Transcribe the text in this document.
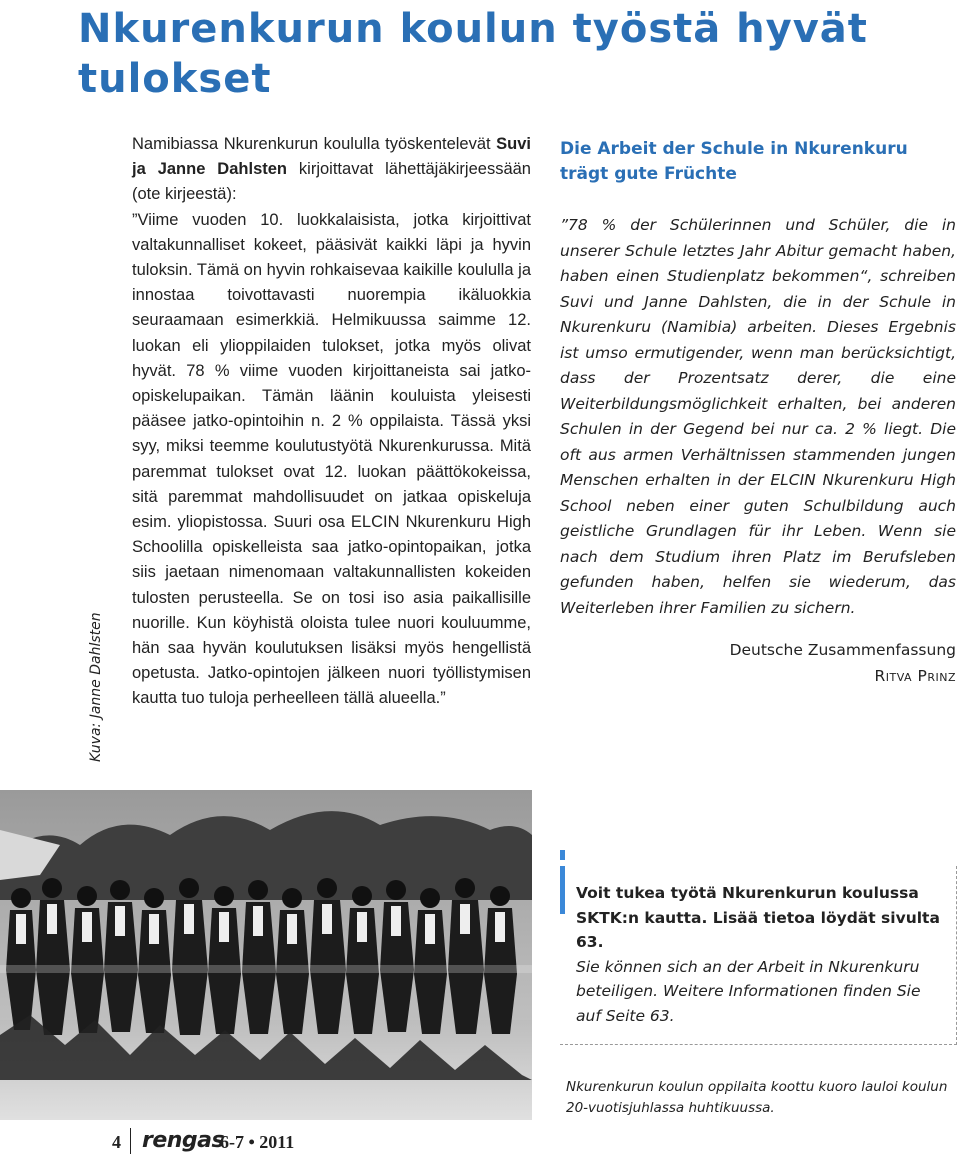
Nkurenkurun koulun työstä hyvät tulokset
Kuva: Janne Dahlsten

Namibiassa Nkurenkurun koululla työskentelevät Suvi ja Janne Dahlsten kirjoittavat lähettäjäkirjeessään (ote kirjeestä):
”Viime vuoden 10. luokkalaisista, jotka kirjoittivat valtakunnalliset kokeet, pääsivät kaikki läpi ja hyvin tuloksin. Tämä on hyvin rohkaisevaa kaikille koululla ja innostaa toivottavasti nuorempia ikäluokkia seuraamaan esimerkkiä. Helmikuussa saimme 12. luokan eli ylioppilaiden tulokset, jotka myös olivat hyvät. 78 % viime vuoden kirjoittaneista sai jatko-opiskelupaikan. Tämän läänin kouluista yleisesti pääsee jatko-opintoihin n. 2 % oppilaista. Tässä yksi syy, miksi teemme koulutustyötä Nkurenkurussa. Mitä paremmat tulokset ovat 12. luokan päättökokeissa, sitä paremmat mahdollisuudet on jatkaa opiskeluja esim. yliopistossa. Suuri osa ELCIN Nkurenkuru High Schoolilla opiskelleista saa jatko-opintopaikan, jotka siis jaetaan nimenomaan valtakunnallisten kokeiden tulosten perusteella. Se on tosi iso asia paikallisille nuorille. Kun köyhistä oloista tulee nuori kouluumme, hän saa hyvän koulutuksen lisäksi myös hengellistä opetusta. Jatko-opintojen jälkeen nuori työllistymisen kautta tuo tuloja perheelleen tällä alueella.”

Die Arbeit der Schule in Nkurenkuru trägt gute Früchte

”78 % der Schülerinnen und Schüler, die in unserer Schule letztes Jahr Abitur gemacht haben, haben einen Studienplatz bekommen“, schreiben Suvi und Janne Dahlsten, die in der Schule in Nkurenkuru (Namibia) arbeiten. Dieses Ergebnis ist umso ermutigender, wenn man berücksichtigt, dass der Prozentsatz derer, die eine Weiterbildungsmöglichkeit erhalten, bei anderen Schulen in der Gegend bei nur ca. 2 % liegt. Die oft aus armen Verhältnissen stammenden jungen Menschen erhalten in der ELCIN Nkurenkuru High School neben einer guten Schulbildung auch geistliche Grundlagen für ihr Leben. Wenn sie nach dem Studium ihren Platz im Berufsleben gefunden haben, helfen sie wiederum, das Weiterleben ihrer Familien zu sichern.

Deutsche Zusammenfassung
Ritva Prinz

Voit tukea työtä Nkurenkurun koulussa SKTK:n kautta. Lisää tietoa löydät sivulta 63.

Sie können sich an der Arbeit in Nkurenkuru beteiligen. Weitere Informationen finden Sie auf Seite 63.

Nkurenkurun koulun oppilaita koottu kuoro lauloi koulun 20-vuotisjuhlassa huhtikuussa.

4 rengas
6-7 • 2011
